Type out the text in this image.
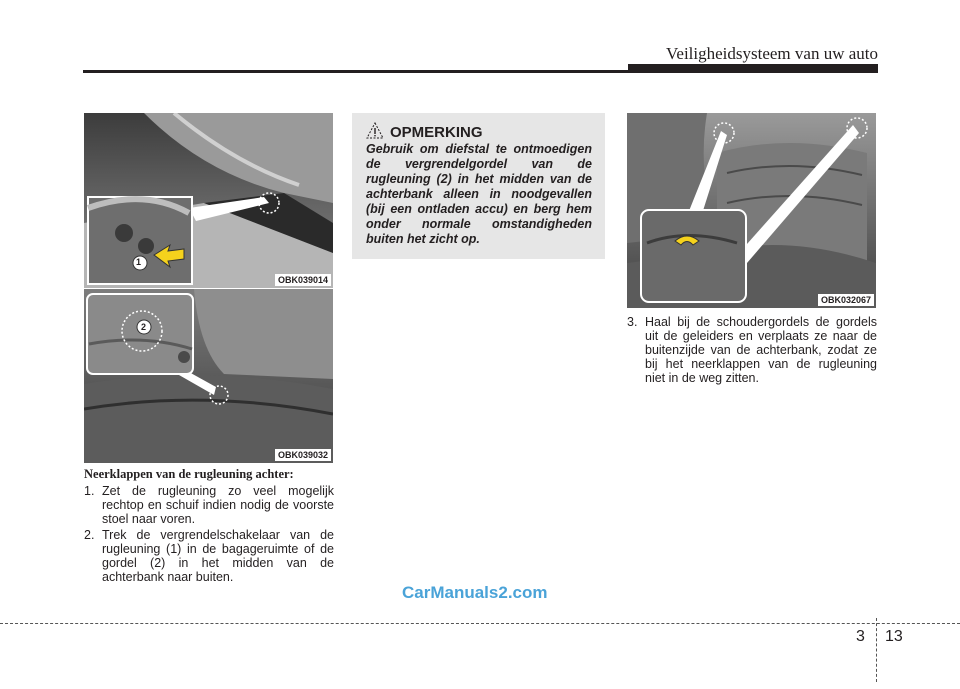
Veiligheidsysteem van uw auto
1
OBK039014
2
OBK039032
Neerklappen van de rugleuning achter:
1. Zet de rugleuning zo veel mogelijk rechtop en schuif indien nodig de voorste stoel naar voren.
2. Trek de vergrendelschakelaar van de rugleuning (1) in de bagageruimte of de gordel (2) in het midden van de achterbank naar buiten.
OPMERKING
Gebruik om diefstal te ontmoedigen de vergrendelgordel van de rugleuning (2) in het midden van de achterbank alleen in noodgevallen (bij een ontladen accu) en berg hem onder normale omstandigheden buiten het zicht op.
OBK032067
3. Haal bij de schoudergordels de gordels uit de geleiders en verplaats ze naar de buitenzijde van de achterbank, zodat ze bij het neerklappen van de rugleuning niet in de weg zitten.
CarManuals2.com
3 13
